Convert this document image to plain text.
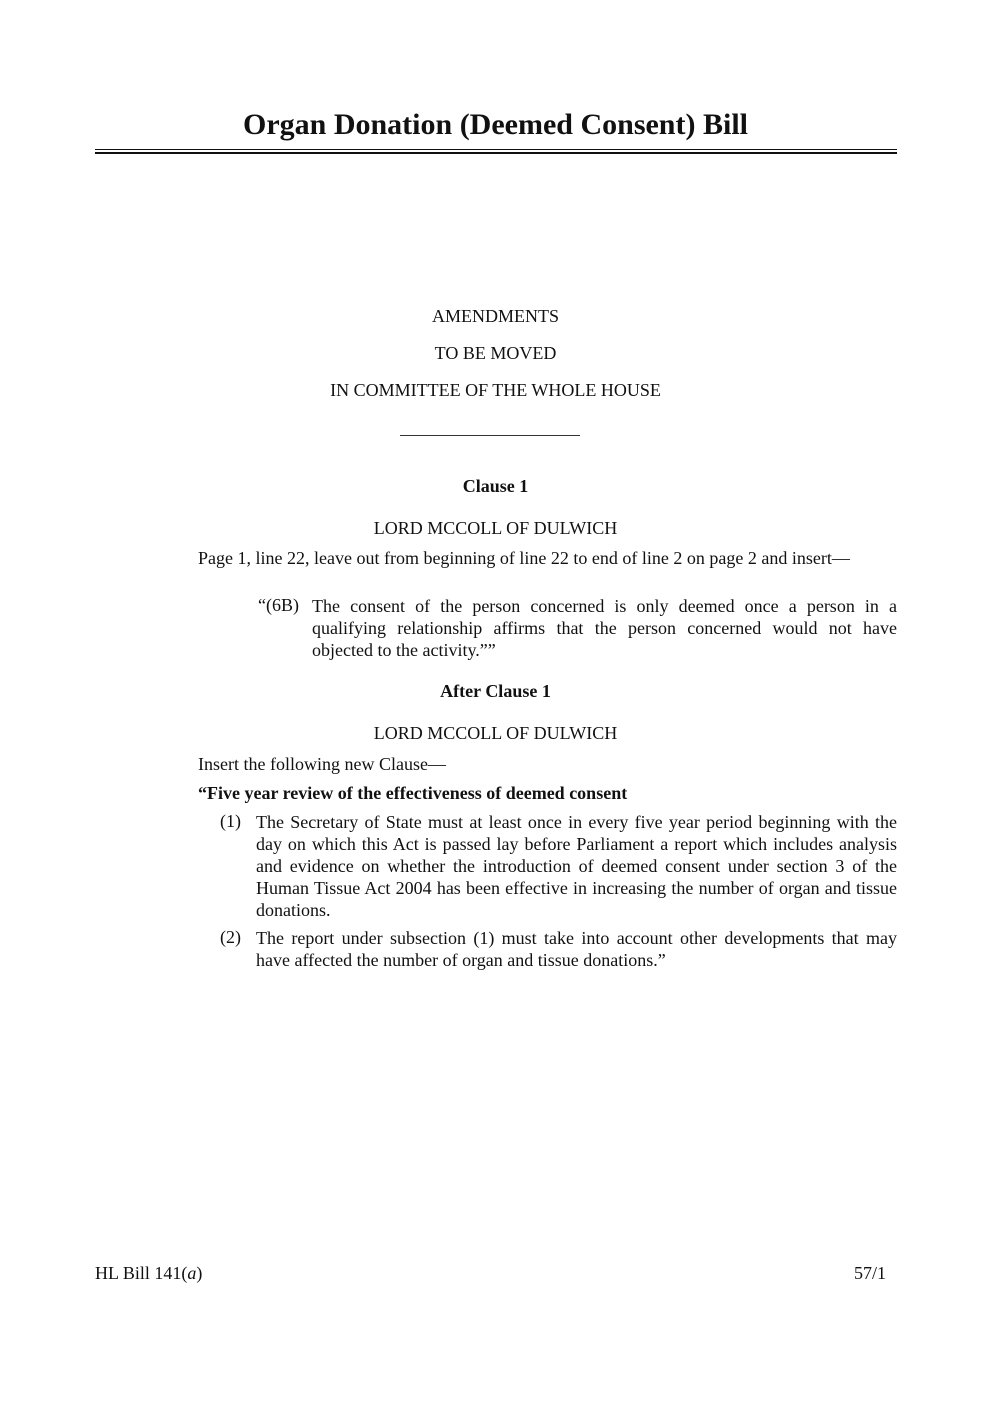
Organ Donation (Deemed Consent) Bill
AMENDMENTS
TO BE MOVED
IN COMMITTEE OF THE WHOLE HOUSE
Clause 1
LORD MCCOLL OF DULWICH
Page 1, line 22, leave out from beginning of line 22 to end of line 2 on page 2 and insert—
“(6B) The consent of the person concerned is only deemed once a person in a qualifying relationship affirms that the person concerned would not have objected to the activity.””
After Clause 1
LORD MCCOLL OF DULWICH
Insert the following new Clause—
“Five year review of the effectiveness of deemed consent
(1) The Secretary of State must at least once in every five year period beginning with the day on which this Act is passed lay before Parliament a report which includes analysis and evidence on whether the introduction of deemed consent under section 3 of the Human Tissue Act 2004 has been effective in increasing the number of organ and tissue donations.
(2) The report under subsection (1) must take into account other developments that may have affected the number of organ and tissue donations.”
HL Bill 141(a)	57/1
